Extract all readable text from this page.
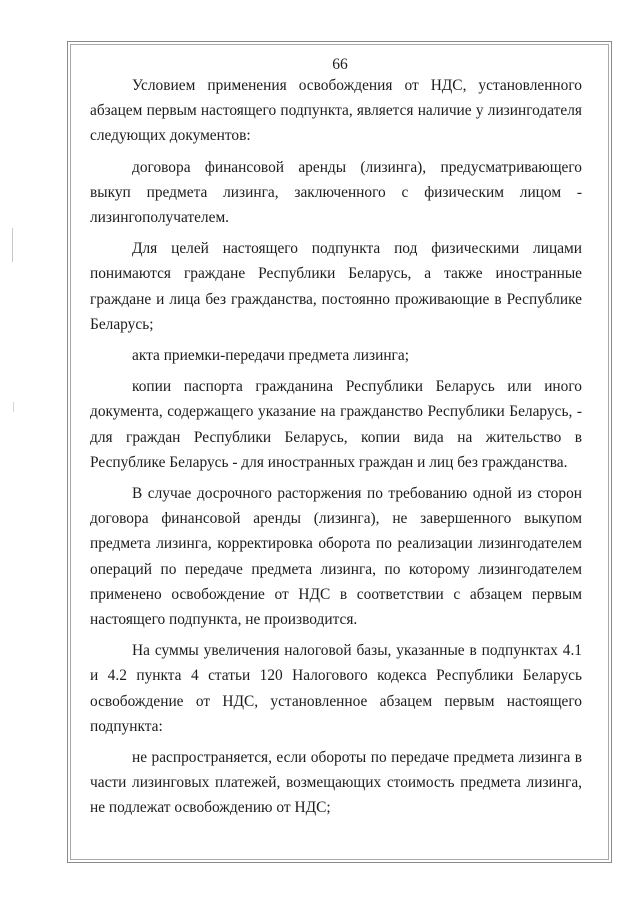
66

Условием применения освобождения от НДС, установленного абзацем первым настоящего подпункта, является наличие у лизингодателя следующих документов:

договора финансовой аренды (лизинга), предусматривающего выкуп предмета лизинга, заключенного с физическим лицом - лизингополучателем.

Для целей настоящего подпункта под физическими лицами понимаются граждане Республики Беларусь, а также иностранные граждане и лица без гражданства, постоянно проживающие в Республике Беларусь;

акта приемки-передачи предмета лизинга;

копии паспорта гражданина Республики Беларусь или иного документа, содержащего указание на гражданство Республики Беларусь, - для граждан Республики Беларусь, копии вида на жительство в Республике Беларусь - для иностранных граждан и лиц без гражданства.

В случае досрочного расторжения по требованию одной из сторон договора финансовой аренды (лизинга), не завершенного выкупом предмета лизинга, корректировка оборота по реализации лизингодателем операций по передаче предмета лизинга, по которому лизингодателем применено освобождение от НДС в соответствии с абзацем первым настоящего подпункта, не производится.

На суммы увеличения налоговой базы, указанные в подпунктах 4.1 и 4.2 пункта 4 статьи 120 Налогового кодекса Республики Беларусь освобождение от НДС, установленное абзацем первым настоящего подпункта:

не распространяется, если обороты по передаче предмета лизинга в части лизинговых платежей, возмещающих стоимость предмета лизинга, не подлежат освобождению от НДС;
